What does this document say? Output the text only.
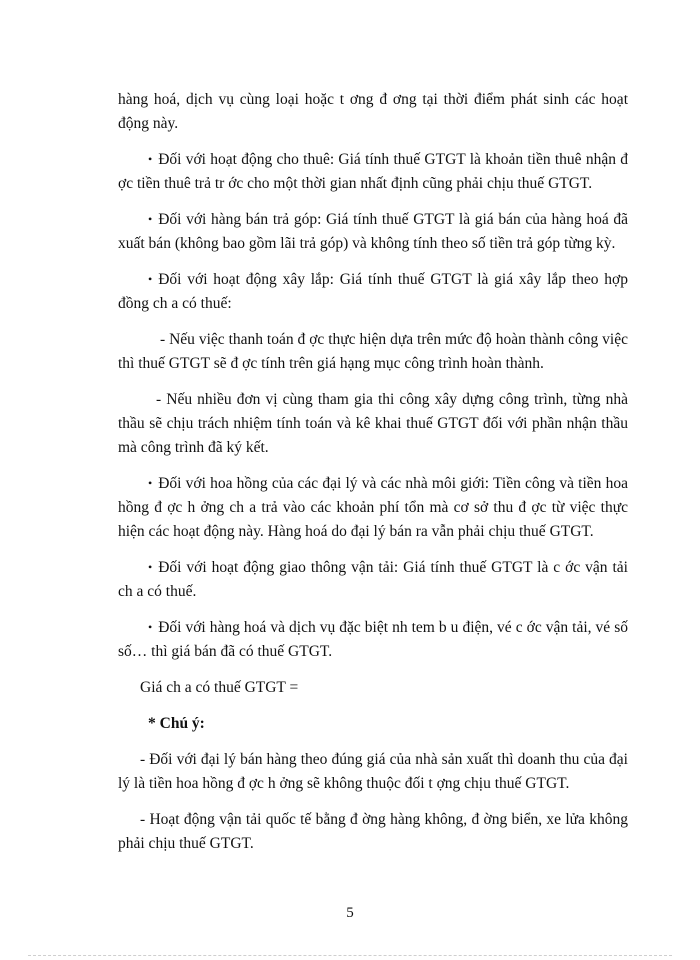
hàng hoá, dịch vụ cùng loại hoặc t ơng đ ơng tại thời điểm phát sinh các hoạt động này.

• Đối với hoạt động cho thuê: Giá tính thuế GTGT là khoản tiền thuê nhận đ ợc tiền thuê trả tr ớc cho một thời gian nhất định cũng phải chịu thuế GTGT.

• Đối với hàng bán trả góp: Giá tính thuế GTGT là giá bán của hàng hoá đã xuất bán (không bao gồm lãi trả góp) và không tính theo số tiền trả góp từng kỳ.

• Đối với hoạt động xây lắp: Giá tính thuế GTGT là giá xây lắp theo hợp đồng ch a có thuế:

- Nếu việc thanh toán đ ợc thực hiện dựa trên mức độ hoàn thành công việc thì thuế GTGT sẽ đ ợc tính trên giá hạng mục công trình hoàn thành.

- Nếu nhiều đơn vị cùng tham gia thi công xây dựng công trình, từng nhà thầu sẽ chịu trách nhiệm tính toán và kê khai thuế GTGT đối với phần nhận thầu mà công trình đã ký kết.

• Đối với hoa hồng của các đại lý và các nhà môi giới: Tiền công và tiền hoa hồng đ ợc h ởng ch a trả vào các khoản phí tổn mà cơ sở thu đ ợc từ việc thực hiện các hoạt động này. Hàng hoá do đại lý bán ra vẫn phải chịu thuế GTGT.

• Đối với hoạt động giao thông vận tải: Giá tính thuế GTGT là c ớc vận tải ch a có thuế.

• Đối với hàng hoá và dịch vụ đặc biệt nh tem b u điện, vé c ớc vận tải, vé số số… thì giá bán đã có thuế GTGT.

Giá ch a có thuế GTGT =

* Chú ý:

- Đối với đại lý bán hàng theo đúng giá của nhà sản xuất thì doanh thu của đại lý là tiền hoa hồng đ ợc h ởng sẽ không thuộc đối t ợng chịu thuế GTGT.

- Hoạt động vận tải quốc tế bằng đ ờng hàng không, đ ờng biển, xe lửa không phải chịu thuế GTGT.

5
